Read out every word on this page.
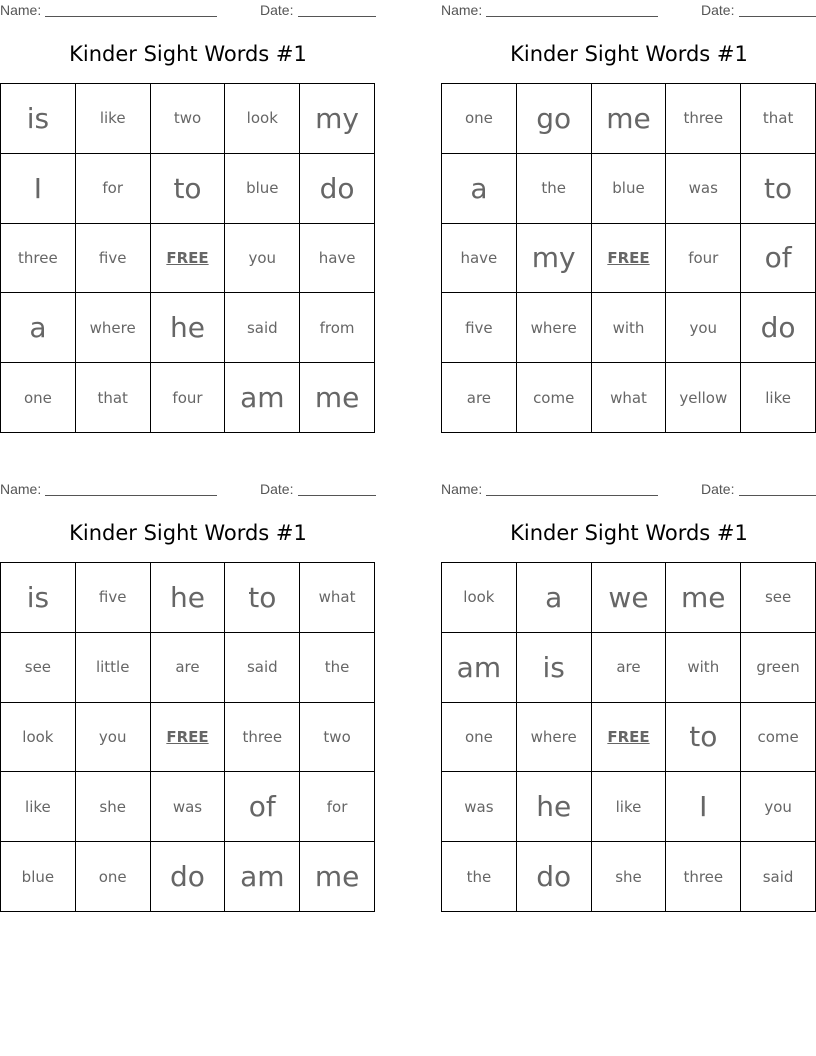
Name:	Date:
Kinder Sight Words #1
is	like	two	look	my
I	for	to	blue	do
three	five	FREE	you	have
a	where	he	said	from
one	that	four	am	me
Name:	Date:
Kinder Sight Words #1
one	go	me	three	that
a	the	blue	was	to
have	my	FREE	four	of
five	where	with	you	do
are	come	what	yellow	like
Name:	Date:
Kinder Sight Words #1
is	five	he	to	what
see	little	are	said	the
look	you	FREE	three	two
like	she	was	of	for
blue	one	do	am	me
Name:	Date:
Kinder Sight Words #1
look	a	we	me	see
am	is	are	with	green
one	where	FREE	to	come
was	he	like	I	you
the	do	she	three	said
